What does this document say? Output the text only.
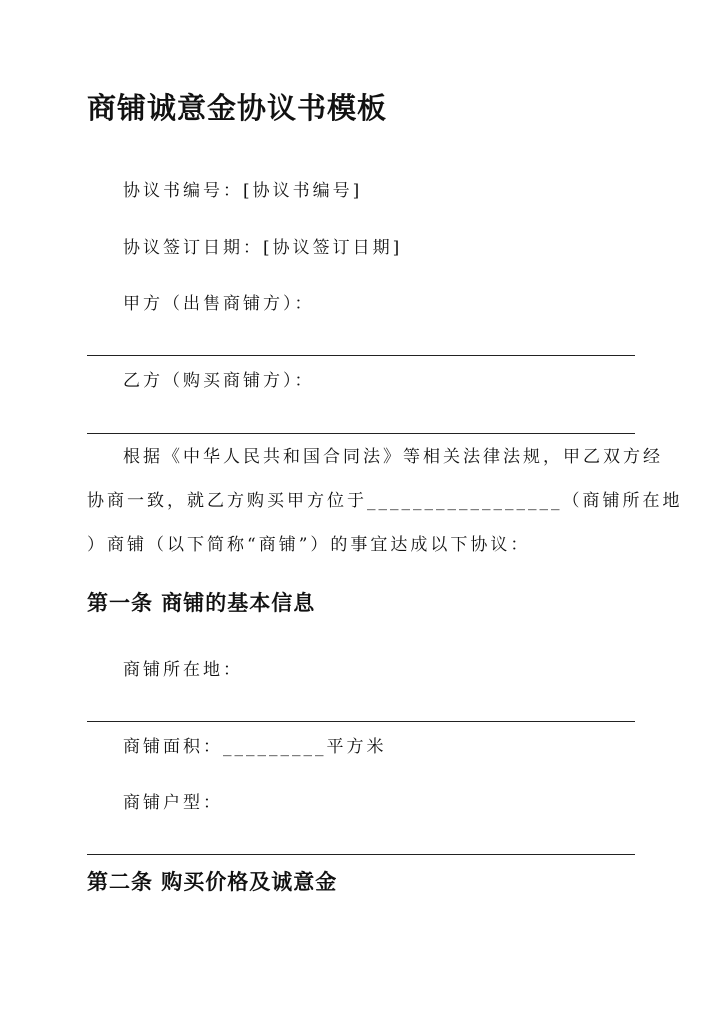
商铺诚意金协议书模板
协议书编号：[协议书编号]
协议签订日期：[协议签订日期]
甲方（出售商铺方）：
乙方（购买商铺方）：
根据《中华人民共和国合同法》等相关法律法规，甲乙双方经
协商一致，就乙方购买甲方位于_________________（商铺所在地
）商铺（以下简称“商铺”）的事宜达成以下协议：
第一条 商铺的基本信息
商铺所在地：
商铺面积：_________平方米
商铺户型：
第二条 购买价格及诚意金
